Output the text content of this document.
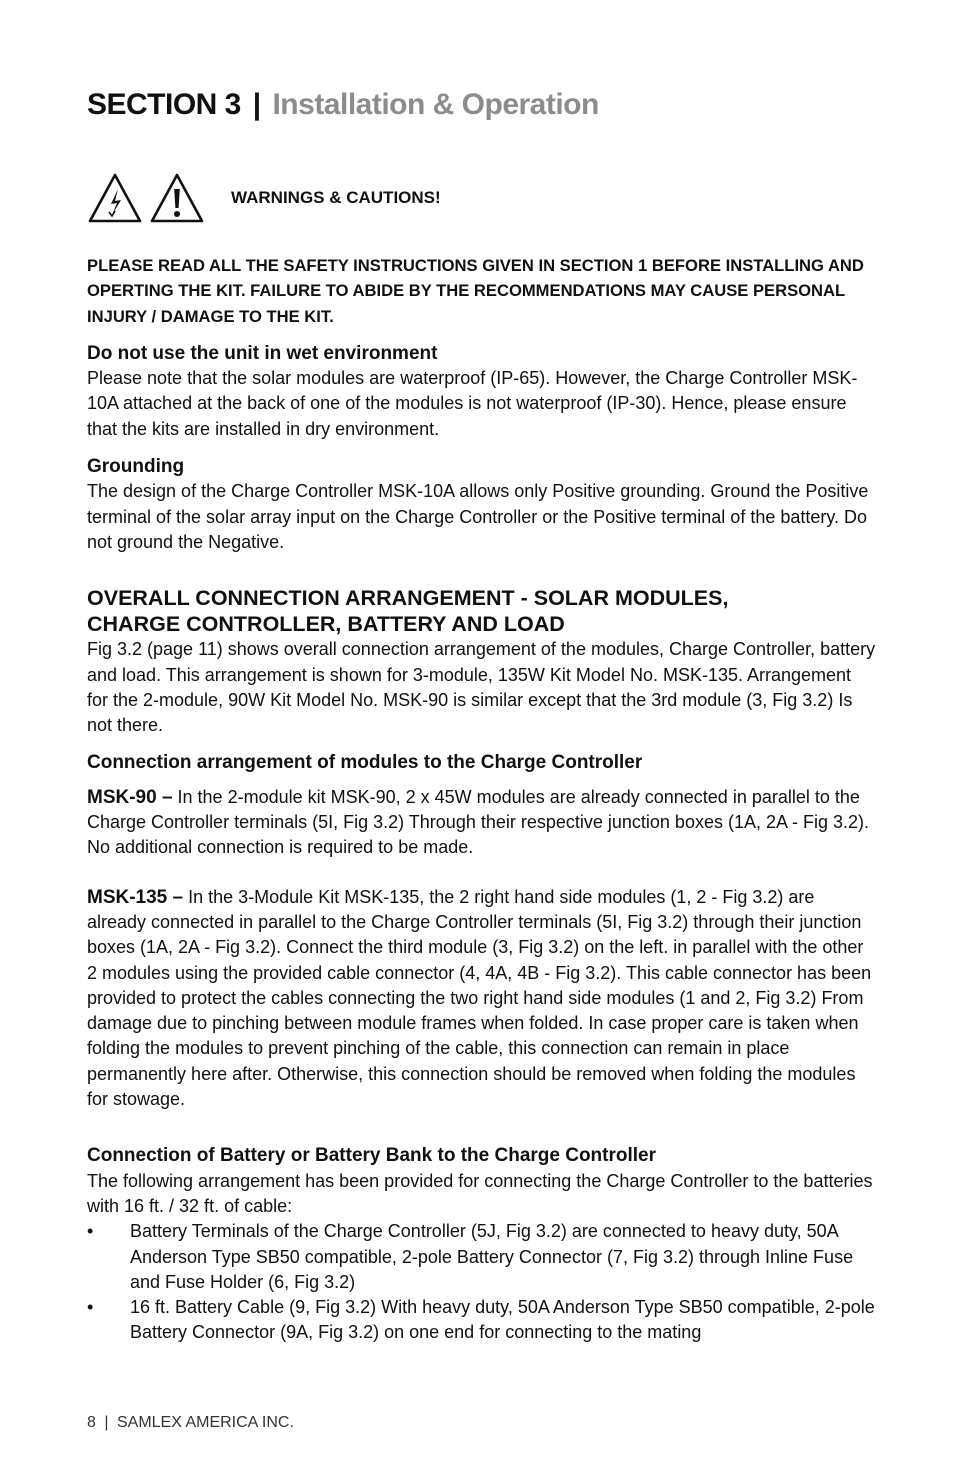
SECTION 3 | Installation & Operation
WARNINGS & CAUTIONS!

PLEASE READ ALL THE SAFETY INSTRUCTIONS GIVEN IN SECTION 1 BEFORE INSTALLING AND OPERTING THE KIT. FAILURE TO ABIDE BY THE RECOMMENDATIONS MAY CAUSE PERSONAL INJURY / DAMAGE TO THE KIT.

Do not use the unit in wet environment

Please note that the solar modules are waterproof (IP-65). However, the Charge Controller MSK-10A attached at the back of one of the modules is not waterproof (IP-30). Hence, please ensure that the kits are installed in dry environment.

Grounding

The design of the Charge Controller MSK-10A allows only Positive grounding. Ground the Positive terminal of the solar array input on the Charge Controller or the Positive terminal of the battery. Do not ground the Negative.

OVERALL CONNECTION ARRANGEMENT - SOLAR MODULES,
CHARGE CONTROLLER, BATTERY AND LOAD

Fig 3.2 (page 11) shows overall connection arrangement of the modules, Charge Controller, battery and load. This arrangement is shown for 3-module, 135W Kit Model No. MSK-135. Arrangement for the 2-module, 90W Kit Model No. MSK-90 is similar except that the 3rd module (3, Fig 3.2) Is not there.

Connection arrangement of modules to the Charge Controller

MSK-90 – In the 2-module kit MSK-90, 2 x 45W modules are already connected in parallel to the Charge Controller terminals (5I, Fig 3.2) Through their respective junction boxes (1A, 2A - Fig 3.2). No additional connection is required to be made.

MSK-135 – In the 3-Module Kit MSK-135, the 2 right hand side modules (1, 2 - Fig 3.2) are already connected in parallel to the Charge Controller terminals (5I, Fig 3.2) through their junction boxes (1A, 2A - Fig 3.2). Connect the third module (3, Fig 3.2) on the left. in parallel with the other 2 modules using the provided cable connector (4, 4A, 4B - Fig 3.2). This cable connector has been provided to protect the cables connecting the two right hand side modules (1 and 2, Fig 3.2) From damage due to pinching between module frames when folded. In case proper care is taken when folding the modules to prevent pinching of the cable, this connection can remain in place permanently here after. Otherwise, this connection should be removed when folding the modules for stowage.

Connection of Battery or Battery Bank to the Charge Controller

The following arrangement has been provided for connecting the Charge Controller to the batteries with 16 ft. / 32 ft. of cable:

• Battery Terminals of the Charge Controller (5J, Fig 3.2) are connected to heavy duty, 50A Anderson Type SB50 compatible, 2-pole Battery Connector (7, Fig 3.2) through Inline Fuse and Fuse Holder (6, Fig 3.2)
• 16 ft. Battery Cable (9, Fig 3.2) With heavy duty, 50A Anderson Type SB50 compatible, 2-pole Battery Connector (9A, Fig 3.2) on one end for connecting to the mating
8 | SAMLEX AMERICA INC.
